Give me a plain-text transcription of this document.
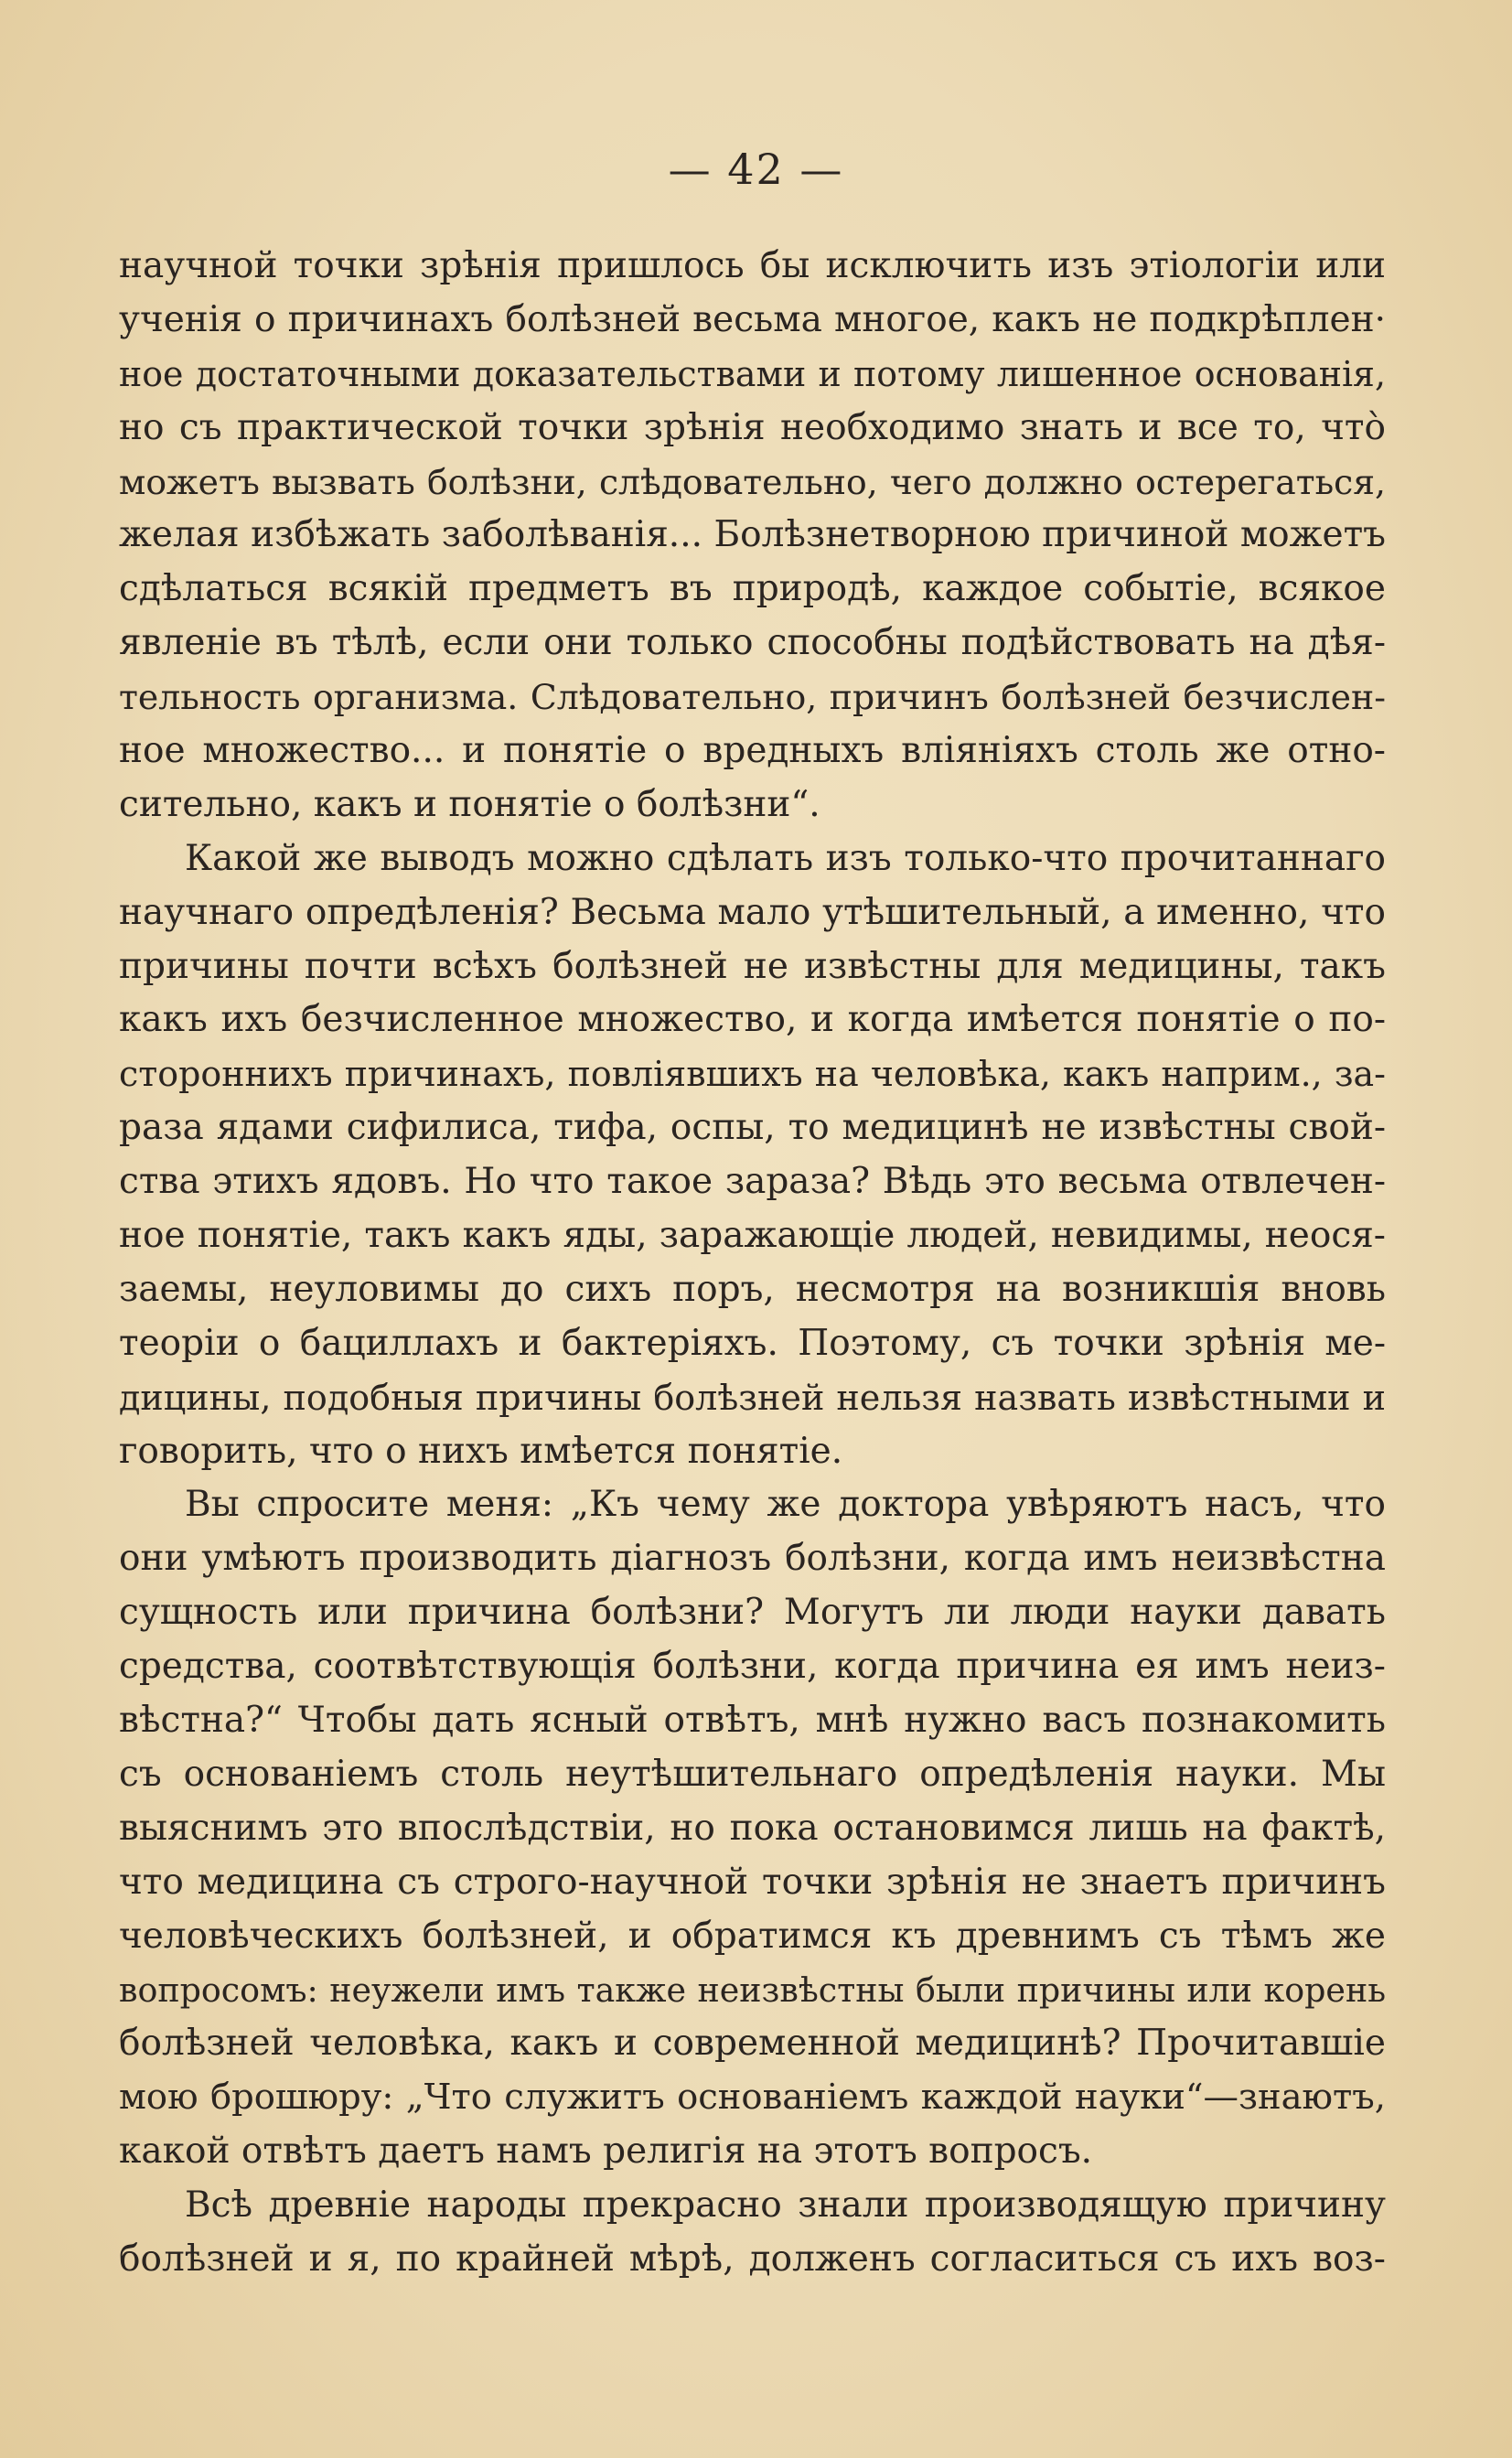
— 42 —
научной точки зрѣнія пришлось бы исключить изъ этіологіи или
ученія о причинахъ болѣзней весьма многое, какъ не подкрѣплен·
ное достаточными доказательствами и потому лишенное основанія,
но съ практической точки зрѣнія необходимо знать и все то, что̀
можетъ вызвать болѣзни, слѣдовательно, чего должно остерегаться,
желая избѣжать заболѣванія... Болѣзнетворною причиной можетъ
сдѣлаться всякій предметъ въ природѣ, каждое событіе, всякое
явленіе въ тѣлѣ, если они только способны подѣйствовать на дѣя-
тельность организма. Слѣдовательно, причинъ болѣзней безчислен-
ное множество... и понятіе о вредныхъ вліяніяхъ столь же отно-
сительно, какъ и понятіе о болѣзни“.
Какой же выводъ можно сдѣлать изъ только-что прочитаннаго
научнаго опредѣленія? Весьма мало утѣшительный, а именно, что
причины почти всѣхъ болѣзней не извѣстны для медицины, такъ
какъ ихъ безчисленное множество, и когда имѣется понятіе о по-
стороннихъ причинахъ, повліявшихъ на человѣка, какъ наприм., за-
раза ядами сифилиса, тифа, оспы, то медицинѣ не извѣстны свой-
ства этихъ ядовъ. Но что такое зараза? Вѣдь это весьма отвлечен-
ное понятіе, такъ какъ яды, заражающіе людей, невидимы, неося-
заемы, неуловимы до сихъ поръ, несмотря на возникшія вновь
теоріи о бациллахъ и бактеріяхъ. Поэтому, съ точки зрѣнія ме-
дицины, подобныя причины болѣзней нельзя назвать извѣстными и
говорить, что о нихъ имѣется понятіе.
Вы спросите меня: „Къ чему же доктора увѣряютъ насъ, что
они умѣютъ производить діагнозъ болѣзни, когда имъ неизвѣстна
сущность или причина болѣзни? Могутъ ли люди науки давать
средства, соотвѣтствующія болѣзни, когда причина ея имъ неиз-
вѣстна?“ Чтобы дать ясный отвѣтъ, мнѣ нужно васъ познакомить
съ основаніемъ столь неутѣшительнаго опредѣленія науки. Мы
выяснимъ это впослѣдствіи, но пока остановимся лишь на фактѣ,
что медицина съ строго-научной точки зрѣнія не знаетъ причинъ
человѣческихъ болѣзней, и обратимся къ древнимъ съ тѣмъ же
вопросомъ: неужели имъ также неизвѣстны были причины или корень
болѣзней человѣка, какъ и современной медицинѣ? Прочитавшіе
мою брошюру: „Что служитъ основаніемъ каждой науки“—знаютъ,
какой отвѣтъ даетъ намъ религія на этотъ вопросъ.
Всѣ древніе народы прекрасно знали производящую причину
болѣзней и я, по крайней мѣрѣ, долженъ согласиться съ ихъ воз-
